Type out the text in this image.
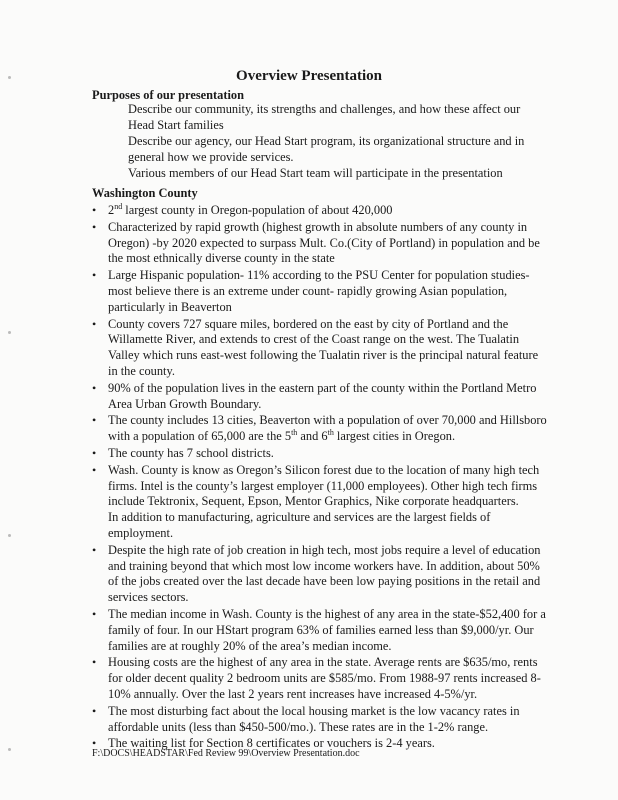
Overview Presentation
Purposes of our presentation
Describe our community, its strengths and challenges, and how these affect our Head Start families
Describe our agency, our Head Start program, its organizational structure and in general how we provide services.
Various members of our Head Start team will participate in the presentation
Washington County
• 2nd largest county in Oregon-population of about 420,000
• Characterized by rapid growth (highest growth in absolute numbers of any county in Oregon) -by 2020 expected to surpass Mult. Co.(City of Portland) in population and be the most ethnically diverse county in the state
• Large Hispanic population- 11% according to the PSU Center for population studies-most believe there is an extreme under count- rapidly growing Asian population, particularly in Beaverton
• County covers 727 square miles, bordered on the east by city of Portland and the Willamette River, and extends to crest of the Coast range on the west. The Tualatin Valley which runs east-west following the Tualatin river is the principal natural feature in the county.
• 90% of the population lives in the eastern part of the county within the Portland Metro Area Urban Growth Boundary.
• The county includes 13 cities, Beaverton with a population of over 70,000 and Hillsboro with a population of 65,000 are the 5th and 6th largest cities in Oregon.
• The county has 7 school districts.
• Wash. County is know as Oregon’s Silicon forest due to the location of many high tech firms. Intel is the county’s largest employer (11,000 employees). Other high tech firms include Tektronix, Sequent, Epson, Mentor Graphics, Nike corporate headquarters.
In addition to manufacturing, agriculture and services are the largest fields of employment.
• Despite the high rate of job creation in high tech, most jobs require a level of education and training beyond that which most low income workers have. In addition, about 50% of the jobs created over the last decade have been low paying positions in the retail and services sectors.
• The median income in Wash. County is the highest of any area in the state-$52,400 for a family of four. In our HStart program 63% of families earned less than $9,000/yr. Our families are at roughly 20% of the area’s median income.
• Housing costs are the highest of any area in the state. Average rents are $635/mo, rents for older decent quality 2 bedroom units are $585/mo. From 1988-97 rents increased 8-10% annually. Over the last 2 years rent increases have increased 4-5%/yr.
• The most disturbing fact about the local housing market is the low vacancy rates in affordable units (less than $450-500/mo.). These rates are in the 1-2% range.
• The waiting list for Section 8 certificates or vouchers is 2-4 years.
F:\DOCS\HEADSTAR\Fed Review 99\Overview Presentation.doc
